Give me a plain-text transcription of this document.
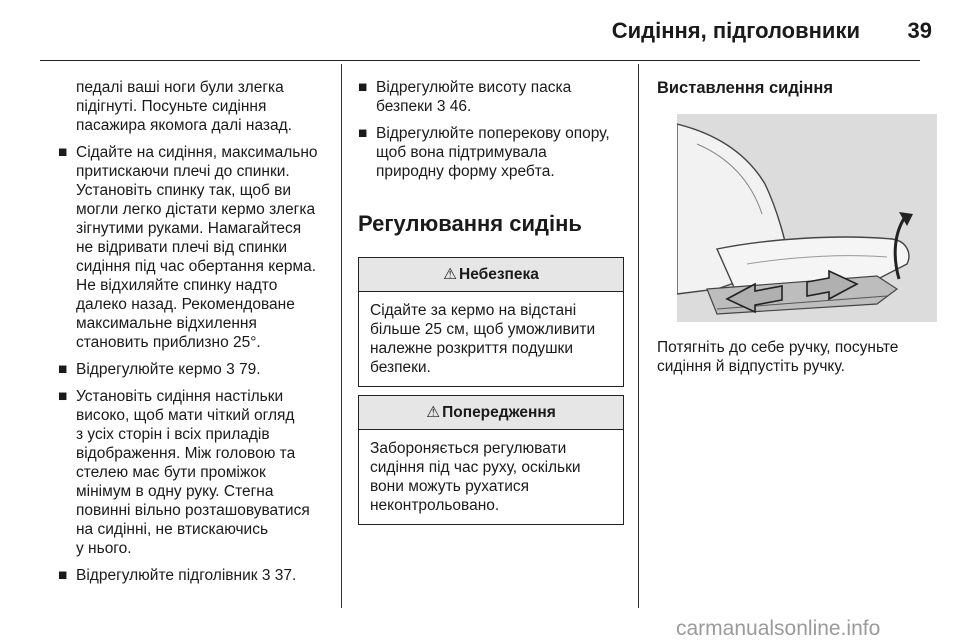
Сидіння, підголовники	39

педалі ваші ноги були злегка

підігнуті. Посуньте сидіння

пасажира якомога далі назад.

■ Сідайте на сидіння, максимально

притискаючи плечі до спинки.

Установіть спинку так, щоб ви

могли легко дістати кермо злегка

зігнутими руками. Намагайтеся

не відривати плечі від спинки

сидіння під час обертання керма.

Не відхиляйте спинку надто

далеко назад. Рекомендоване

максимальне відхилення

становить приблизно 25°.

■ Відрегулюйте кермо 3 79.

■ Установіть сидіння настільки

високо, щоб мати чіткий огляд

з усіх сторін і всіх приладів

відображення. Між головою та

стелею має бути проміжок

мінімум в одну руку. Стегна

повинні вільно розташовуватися

на сидінні, не втискаючись

у нього.

■ Відрегулюйте підголівник 3 37.

■ Відрегулюйте висоту паска

безпеки 3 46.

■ Відрегулюйте поперекову опору,

щоб вона підтримувала

природну форму хребта.

Регулювання сидінь
⚠ Небезпека

Сідайте за кермо на відстані

більше 25 см, щоб уможливити

належне розкриття подушки

безпеки.

⚠ Попередження

Забороняється регулювати

сидіння під час руху, оскільки

вони можуть рухатися

неконтрольовано.

Виставлення сидіння

Потягніть до себе ручку, посуньте

сидіння й відпустіть ручку.

carmanualsonline.info
